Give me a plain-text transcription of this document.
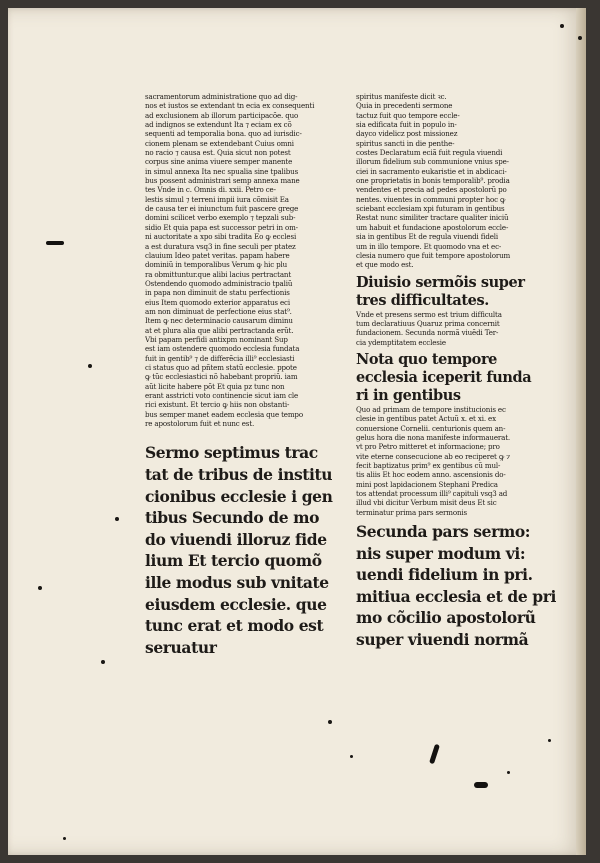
sacramentorum administratione quo ad dig-
nos et iustos se extendant tn ecia ex consequenti
ad exclusionem ab illorum participacõe. quo
ad indignos se extendunt Ita ⁊ eciam ex cõ
sequenti ad temporalia bona. quo ad iurisdic-
cionem plenam se extendebant Cuius omni
no racio ⁊ causa est. Quia sicut non potest
corpus sine anima viuere semper manente
in simul annexa Ita nec spualia sine tpalibus
bus possent administrari semp annexa mane
tes Vnde in c. Omnis di. xxii. Petro ce-
lestis simul ⁊ terreni impii iura cõmisit Ea
de causa ter ei iniunctum fuit pascere grege
domini scilicet verbo exemplo ⁊ tepzali sub-
sidio Et quia papa est successor petri in om-
ni auctoritate a xpo sibi tradita Eo ꝙ ecclesi
a est duratura vsq3 in fine seculi per ptatez
clauium Ideo patet veritas. papam habere
dominiũ in temporalibus Verum ꝙ hic plu
ra obmittuntur.que alibi lacius pertractant
Ostendendo quomodo administracio tpaliũ
in papa non diminuit de statu perfectionis
eius Item quomodo exterior apparatus eci
am non diminuat de perfectione eius stat⁹.
Item ꝙ nec determinacio causarum diminu
at et plura alia que alibi pertractanda erũt.
Vbi papam perfidi antixpm nominant Sup
est iam ostendere quomodo ecclesia fundata
fuit in gentib⁹ ⁊ de differẽcia illi⁹ ecclesiasti
ci status quo ad pñtem statũ ecclesie. ppote
ꝙ tũc ecclesiastici nõ habebant propriũ. iam
aũt licite habere põt Et quia pz tunc non
erant asstricti voto continencie sicut iam cle
rici existunt. Et tercio ꝙ hiis non obstanti-
bus semper manet eadem ecclesia que tempo
re apostolorum fuit et nunc est.
Sermo septimus trac
tat de tribus de institu
cionibus ecclesie i gen
tibus Secundo de mo
do viuendi illoruz fide
lium Et tercio quomõ
ille modus sub vnitate
eiusdem ecclesie. que
tunc erat et modo est
seruatur
spiritus manifeste dicit ꝛc.
Quia in precedenti sermone
tactuz fuit quo tempore eccle-
sia edificata fuit in populo in-
dayco videlicz post missionez
spiritus sancti in die penthe-
costes Declaratum eciã fuit regula viuendi
illorum fidelium sub communione vnius spe-
ciei in sacramento eukaristie et in abdicaci-
one proprietatis in bonis temporalib⁹. prodia
vendentes et precia ad pedes apostolorũ po
nentes. viuentes in communi propter hoc ꝙ
sciebant ecclesiam xpi futuram in gentibus
Restat nunc similiter tractare qualiter iniciũ
um habuit et fundacione apostolorum eccle-
sia in gentibus Et de regula viuendi fideli
um in illo tempore. Et quomodo vna et ec-
clesia numero que fuit tempore apostolorum
et que modo est.
Diuisio sermõis super
tres difficultates.
Vnde et presens sermo est trium difficulta
tum declaratiuus Quaruz prima concernit
fundacionem. Secunda normã viuẽdi Ter-
cia ydemptitatem ecclesie
Nota quo tempore
ecclesia iceperit funda
ri in gentibus
Quo ad primam de tempore institucionis ec
clesie in gentibus patet Actuũ x. et xi. ex
conuersione Cornelii. centurionis quem an-
gelus hora die nona manifeste informauerat.
vt pro Petro mitteret et informacione; pro
vite eterne consecucione ab eo reciperet ꝙ ⁊
fecit baptizatus prim⁹ ex gentibus cũ mul-
tis aliis Et hoc eodem anno. ascensionis do-
mini post lapidacionem Stephani Predica
tos attendat processum illi⁹ capituli vsq3 ad
illud vbi dicitur Verbum misit deus Et sic
terminatur prima pars sermonis
Secunda pars sermo:
nis super modum vi:
uendi fidelium in pri.
mitiua ecclesia et de pri
mo cõcilio apostolorũ
super viuendi normã
